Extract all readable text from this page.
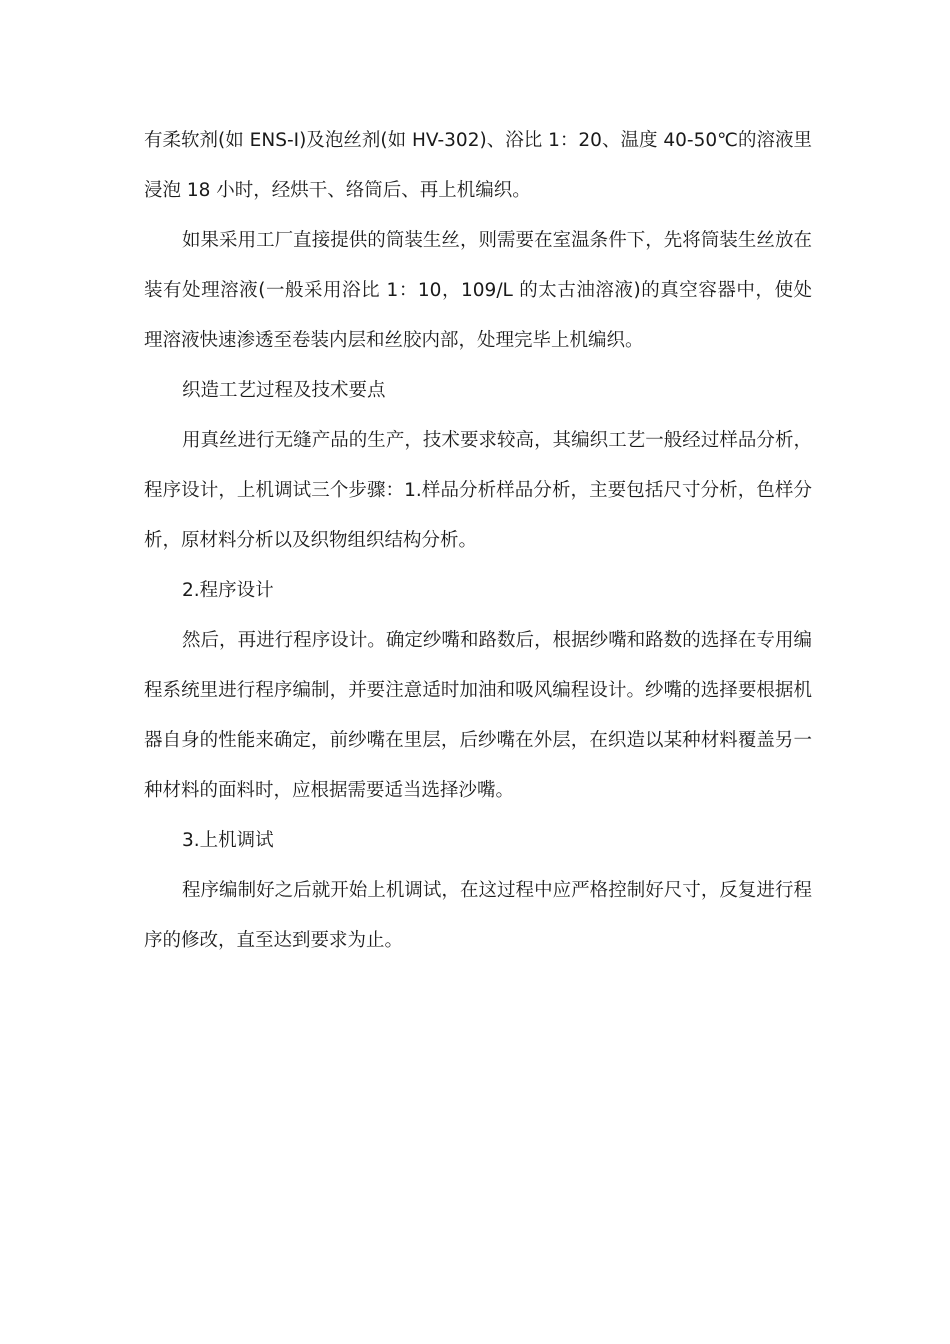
有柔软剂(如 ENS-I)及泡丝剂(如 HV-302)、浴比 1：20、温度 40-50℃的溶液里浸泡 18 小时，经烘干、络筒后、再上机编织。

如果采用工厂直接提供的筒装生丝，则需要在室温条件下，先将筒装生丝放在装有处理溶液(一般采用浴比 1：10，109/L 的太古油溶液)的真空容器中，使处理溶液快速渗透至卷装内层和丝胶内部，处理完毕上机编织。

织造工艺过程及技术要点

用真丝进行无缝产品的生产，技术要求较高，其编织工艺一般经过样品分析，程序设计，上机调试三个步骤：1.样品分析样品分析，主要包括尺寸分析，色样分析，原材料分析以及织物组织结构分析。

2.程序设计

然后，再进行程序设计。确定纱嘴和路数后，根据纱嘴和路数的选择在专用编程系统里进行程序编制，并要注意适时加油和吸风编程设计。纱嘴的选择要根据机器自身的性能来确定，前纱嘴在里层，后纱嘴在外层，在织造以某种材料覆盖另一种材料的面料时，应根据需要适当选择沙嘴。

3.上机调试

程序编制好之后就开始上机调试，在这过程中应严格控制好尺寸，反复进行程序的修改，直至达到要求为止。
